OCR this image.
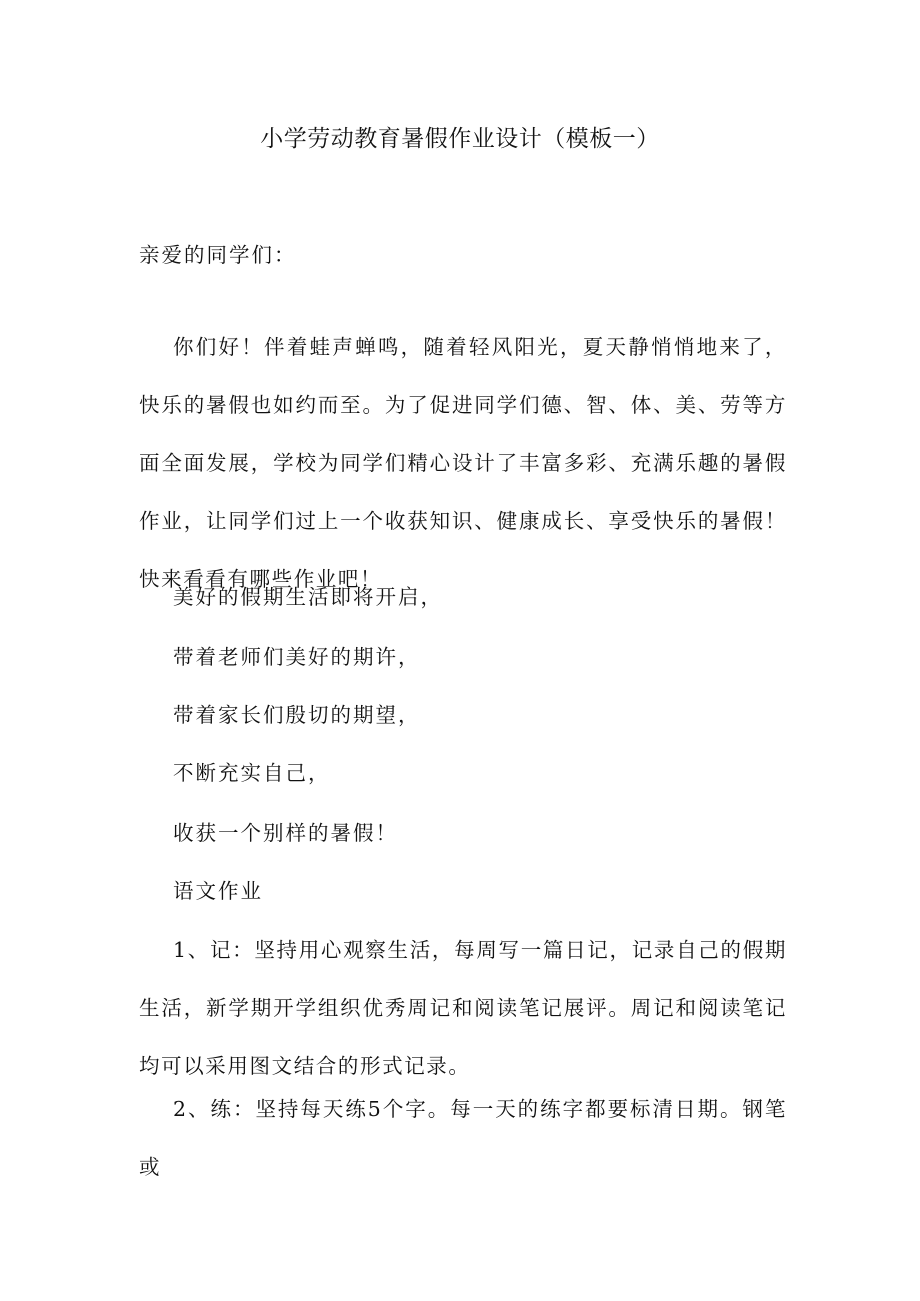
小学劳动教育暑假作业设计（模板一）
亲爱的同学们：

你们好！伴着蛙声蝉鸣，随着轻风阳光，夏天静悄悄地来了，快乐的暑假也如约而至。为了促进同学们德、智、体、美、劳等方面全面发展，学校为同学们精心设计了丰富多彩、充满乐趣的暑假作业，让同学们过上一个收获知识、健康成长、享受快乐的暑假！快来看看有哪些作业吧！

美好的假期生活即将开启，
带着老师们美好的期许，
带着家长们殷切的期望，
不断充实自己，
收获一个别样的暑假！
语文作业

1、记：坚持用心观察生活，每周写一篇日记，记录自己的假期生活，新学期开学组织优秀周记和阅读笔记展评。周记和阅读笔记均可以采用图文结合的形式记录。

2、练：坚持每天练5个字。每一天的练字都要标清日期。钢笔或
